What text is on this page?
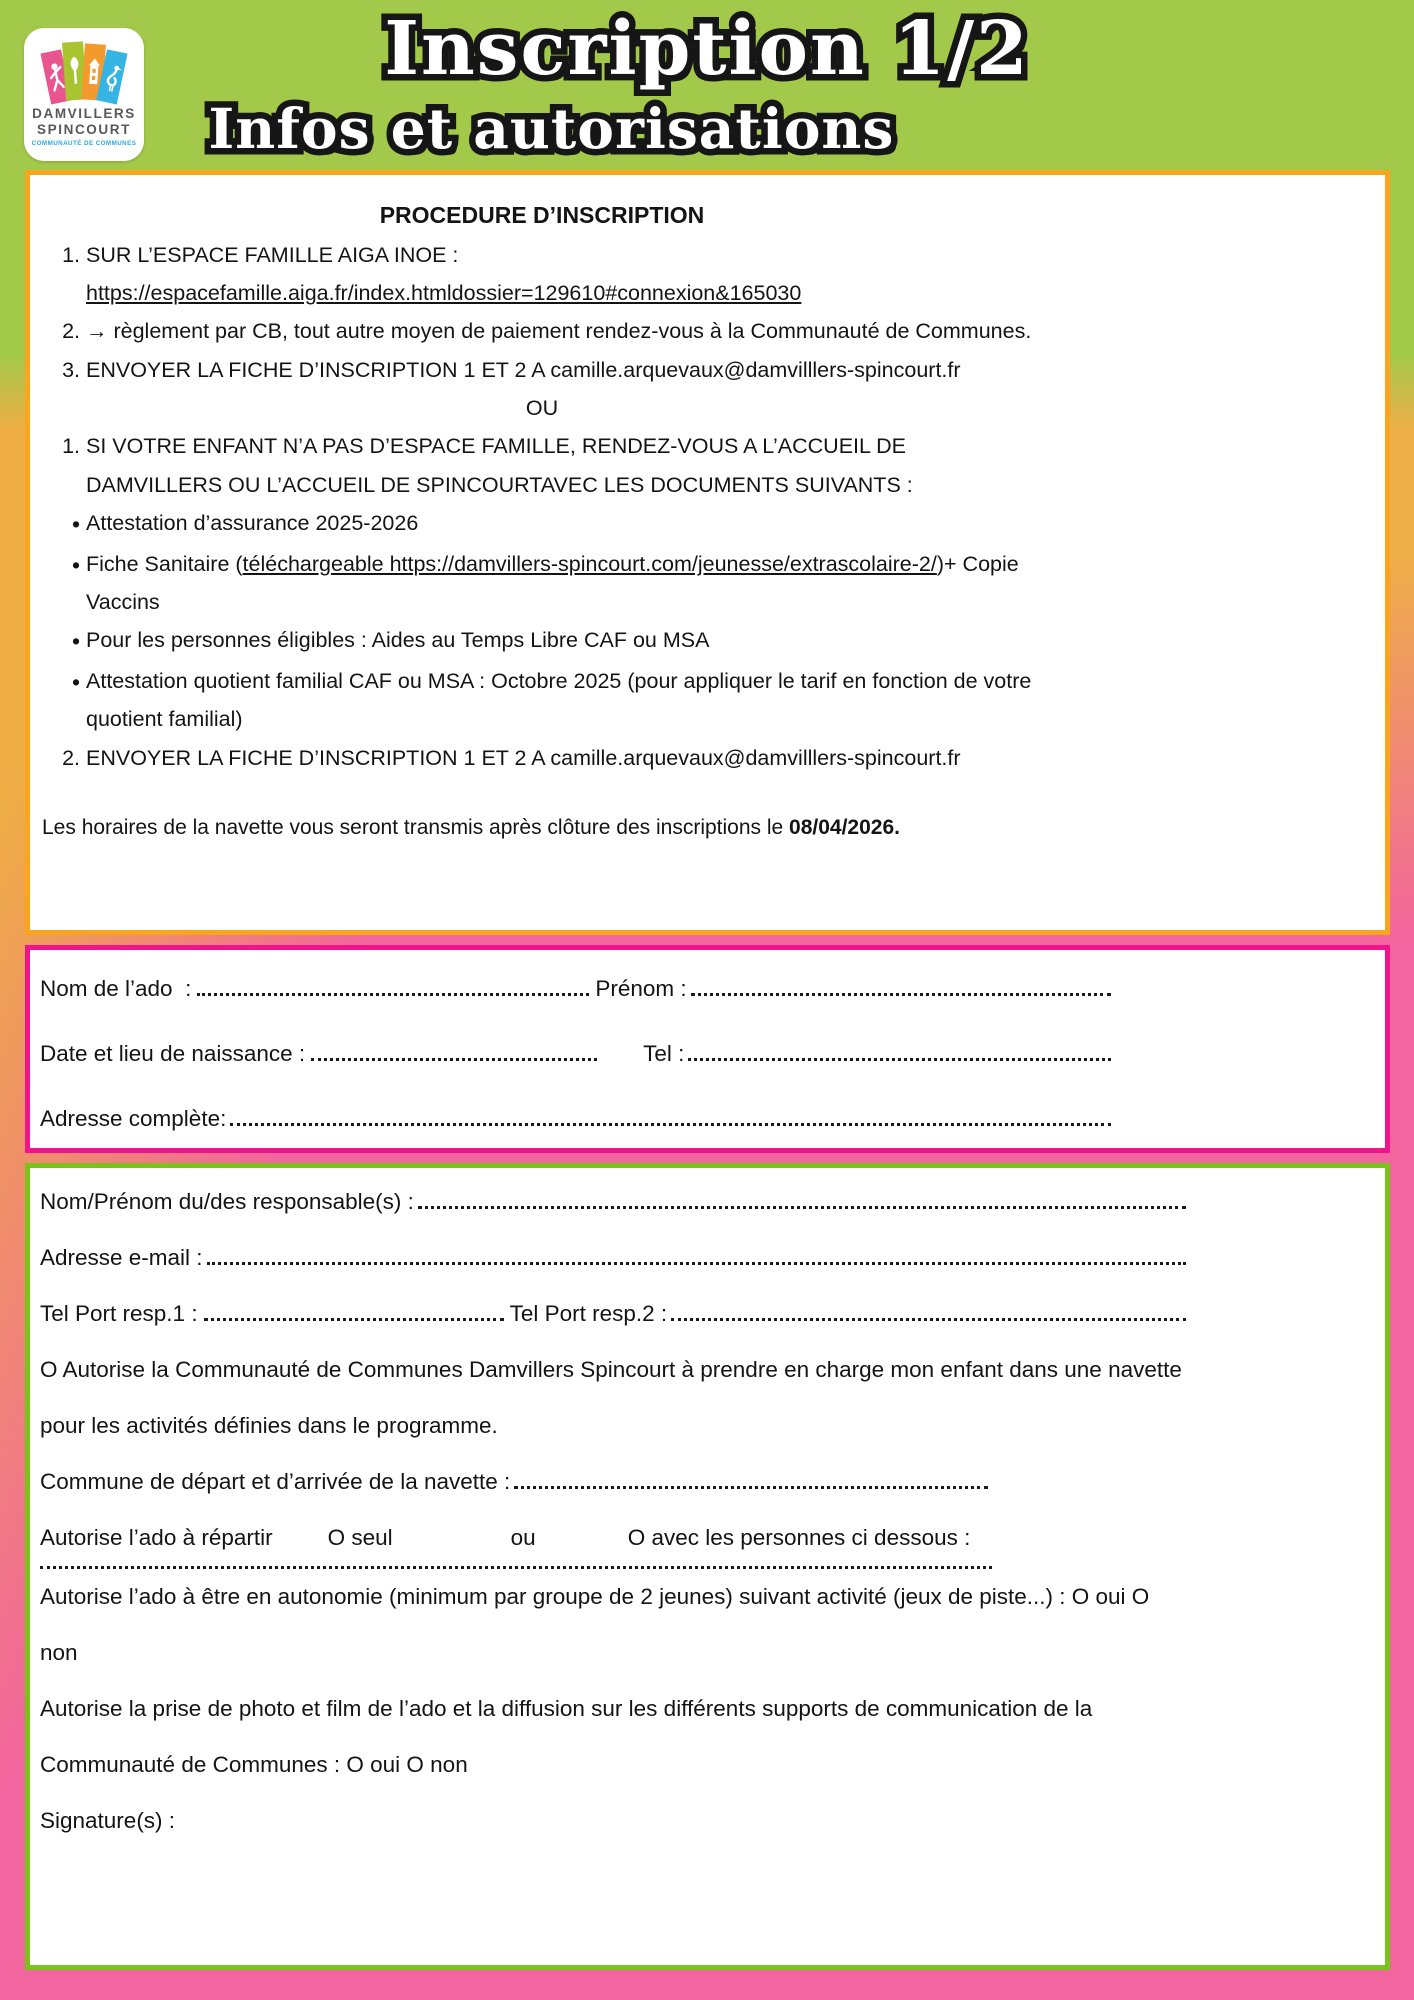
DAMVILLERS
SPINCOURT
COMMUNAUTÉ DE COMMUNES
Inscription 1/2 Inscription 1/2
Infos et autorisations Infos et autorisations
PROCEDURE D’INSCRIPTION
1. SUR L’ESPACE FAMILLE AIGA INOE :
https://espacefamille.aiga.fr/index.htmldossier=129610#connexion&165030
2. → règlement par CB, tout autre moyen de paiement rendez-vous à la Communauté de Communes.
3. ENVOYER LA FICHE D’INSCRIPTION 1 ET 2 A camille.arquevaux@damvilllers-spincourt.fr
OU
1. SI VOTRE ENFANT N’A PAS D’ESPACE FAMILLE, RENDEZ-VOUS A L’ACCUEIL DE DAMVILLERS OU L’ACCUEIL DE SPINCOURTAVEC LES DOCUMENTS SUIVANTS :
• Attestation d’assurance 2025-2026
• Fiche Sanitaire (téléchargeable https://damvillers-spincourt.com/jeunesse/extrascolaire-2/)+ Copie Vaccins
• Pour les personnes éligibles : Aides au Temps Libre CAF ou MSA
• Attestation quotient familial CAF ou MSA : Octobre 2025 (pour appliquer le tarif en fonction de votre quotient familial)
2. ENVOYER LA FICHE D’INSCRIPTION 1 ET 2 A camille.arquevaux@damvilllers-spincourt.fr
Les horaires de la navette vous seront transmis après clôture des inscriptions le 08/04/2026.
Nom de l’ado  :	Prénom :
Date et lieu de naissance :	Tel :
Adresse complète:
Nom/Prénom du/des responsable(s) :
Adresse e-mail :
Tel Port resp.1 :	Tel Port resp.2 :
O Autorise la Communauté de Communes Damvillers Spincourt à prendre en charge mon enfant dans une navette pour les activités définies dans le programme.
Commune de départ et d’arrivée de la navette :
Autorise l’ado à répartir O seul	ou	O avec les personnes ci dessous :
Autorise l’ado à être en autonomie (minimum par groupe de 2 jeunes) suivant activité (jeux de piste...) : O oui O non
Autorise la prise de photo et film de l’ado et la diffusion sur les différents supports de communication de la Communauté de Communes : O oui O non
Signature(s) :
